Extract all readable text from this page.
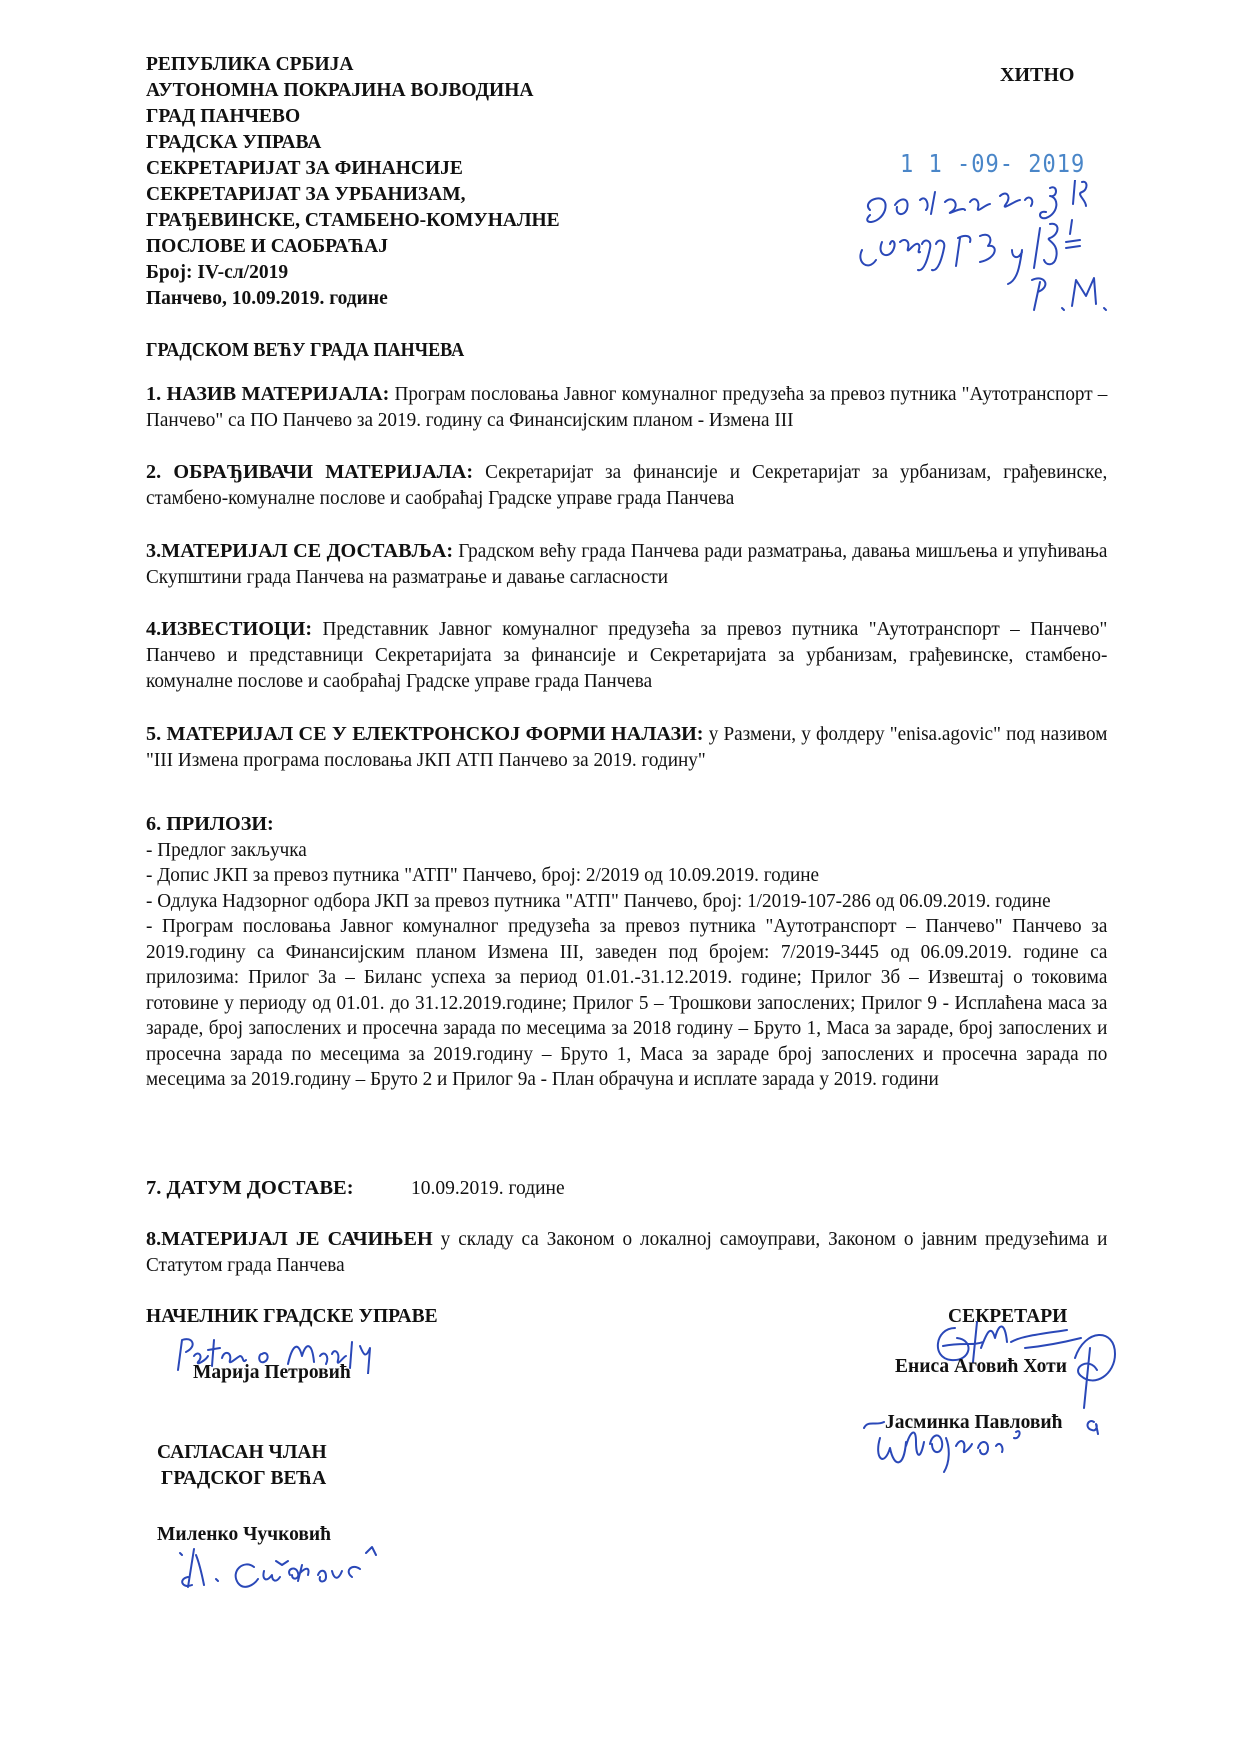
РЕПУБЛИКА СРБИЈА
АУТОНОМНА ПОКРАЈИНА ВОЈВОДИНА
ГРАД ПАНЧЕВО
ГРАДСКА УПРАВА
СЕКРЕТАРИЈАТ ЗА ФИНАНСИЈЕ
СЕКРЕТАРИЈАТ ЗА УРБАНИЗАМ,
ГРАЂЕВИНСКЕ, СТАМБЕНО-КОМУНАЛНЕ
ПОСЛОВЕ И САОБРАЋАЈ
Број: IV-сл/2019
Панчево, 10.09.2019. године
ХИТНО
1 1 -09- 2019
ГРАДСКОМ ВЕЋУ ГРАДА ПАНЧЕВА

1. НАЗИВ МАТЕРИЈАЛА: Програм пословања Јавног комуналног предузећа за превоз путника "Аутотранспорт – Панчево" са ПО Панчево за 2019. годину са Финансијским планом - Измена III

2. ОБРАЂИВАЧИ МАТЕРИЈАЛА: Секретаријат за финансије и Секретаријат за урбанизам, грађевинске, стамбено-комуналне послове и саобраћај Градске управе града Панчева

3.МАТЕРИЈАЛ СЕ ДОСТАВЉА: Градском већу града Панчева ради разматрања, давања мишљења и упућивања Скупштини града Панчева на разматрање и давање сагласности

4.ИЗВЕСТИОЦИ: Представник Јавног комуналног предузећа за превоз путника "Аутотранспорт – Панчево" Панчево и представници Секретаријата за финансије и Секретаријата за урбанизам, грађевинске, стамбено-комуналне послове и саобраћај Градске управе града Панчева

5. МАТЕРИЈАЛ СЕ У ЕЛЕКТРОНСКОЈ ФОРМИ НАЛАЗИ: у Размени, у фолдеру "enisa.agovic" под називом "III Измена програма пословања ЈКП АТП Панчево за 2019. годину"

6. ПРИЛОЗИ:

- Предлог закључка

- Допис ЈКП за превоз путника "АТП" Панчево, број: 2/2019 од 10.09.2019. године

- Одлука Надзорног одбора ЈКП за превоз путника "АТП" Панчево, број: 1/2019-107-286 од 06.09.2019. године

- Програм пословања Јавног комуналног предузећа за превоз путника "Аутотранспорт – Панчево" Панчево за 2019.годину са Финансијским планом Измена III, заведен под бројем: 7/2019-3445 од 06.09.2019. године са прилозима: Прилог 3а – Биланс успеха за период 01.01.-31.12.2019. године; Прилог 3б – Извештај о токовима готовине у периоду од 01.01. до 31.12.2019.године; Прилог 5 – Трошкови запослених; Прилог 9 - Исплаћена маса за зараде, број запослених и просечна зарада по месецима за 2018 годину – Бруто 1, Маса за зараде, број запослених и просечна зарада по месецима за 2019.годину – Бруто 1, Маса за зараде број запослених и просечна зарада по месецима за 2019.годину – Бруто 2 и Прилог 9а - План обрачуна и исплате зарада у 2019. години

7. ДАТУМ ДОСТАВЕ:	10.09.2019. године

8.МАТЕРИЈАЛ ЈЕ САЧИЊЕН у складу са Законом о локалној самоуправи, Законом о јавним предузећима и Статутом града Панчева

НАЧЕЛНИК ГРАДСКЕ УПРАВЕ
Марија Петровић
САГЛАСАН ЧЛАН
ГРАДСКОГ ВЕЋА
Миленко Чучковић
СЕКРЕТАРИ
Ениса Аговић Хоти
Јасминка Павловић
